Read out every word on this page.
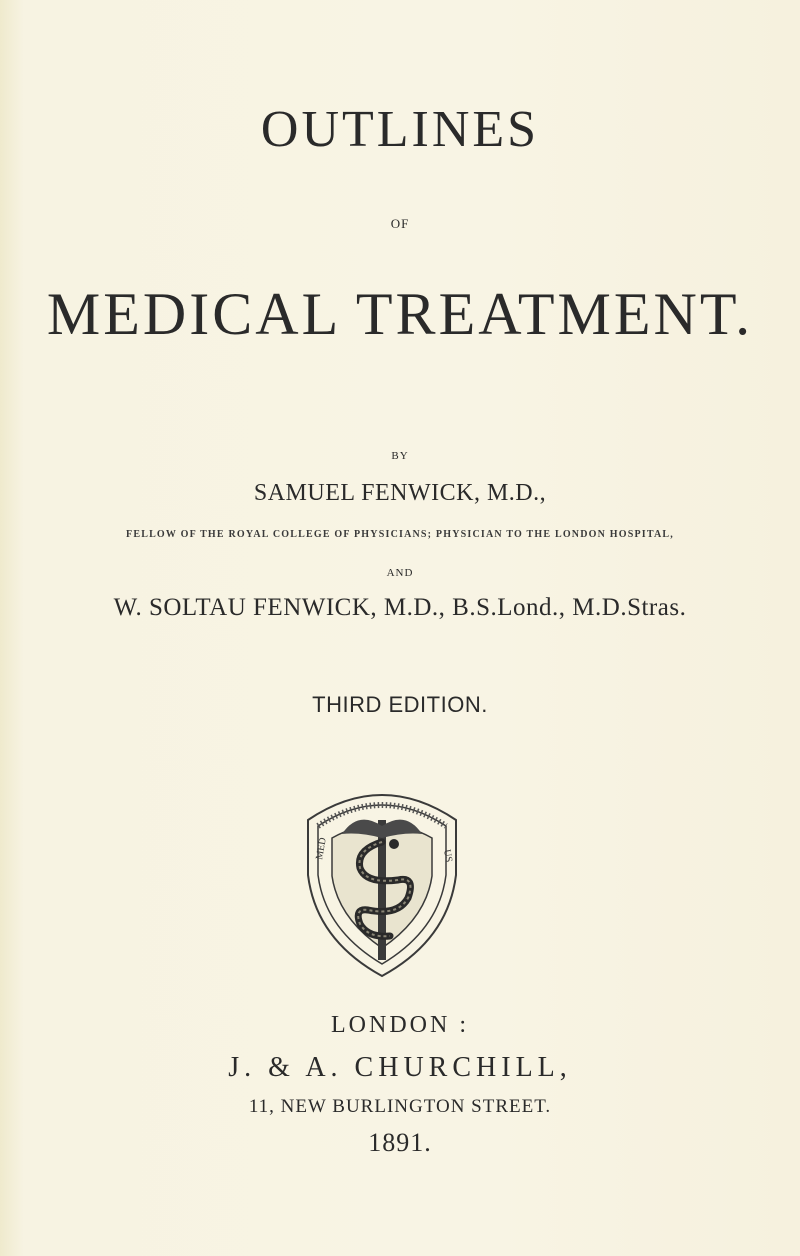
OUTLINES
OF
MEDICAL TREATMENT.
BY
SAMUEL FENWICK, M.D.,
FELLOW OF THE ROYAL COLLEGE OF PHYSICIANS; PHYSICIAN TO THE LONDON HOSPITAL,
AND
W. SOLTAU FENWICK, M.D., B.S.Lond., M.D.Stras.
THIRD EDITION.
MED	US
LONDON :
J. & A. CHURCHILL,
11, NEW BURLINGTON STREET.
1891.
